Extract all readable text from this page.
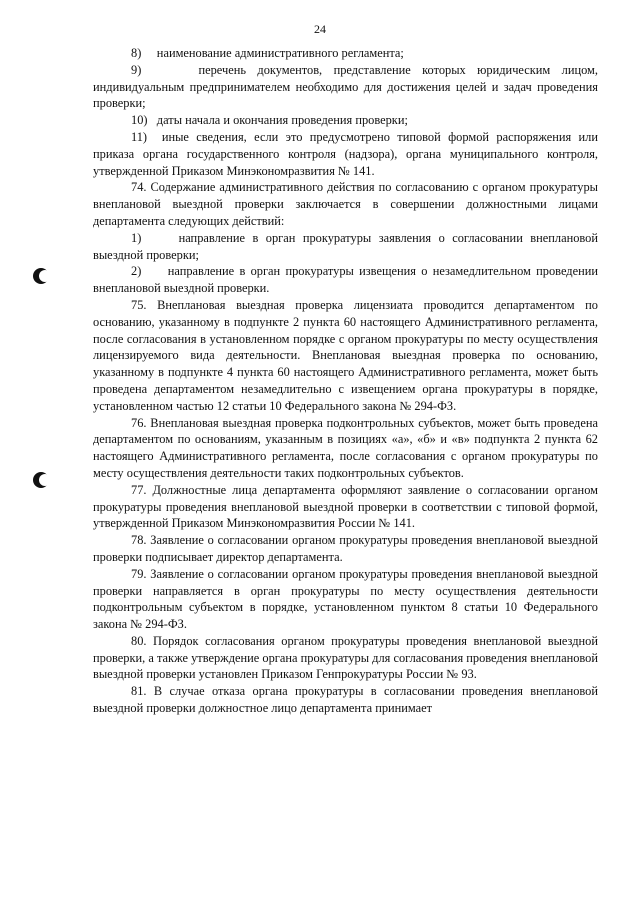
24

8)     наименование административного регламента;

9)     перечень документов, представление которых юридическим лицом, индивидуальным предпринимателем необходимо для достижения целей и задач проведения проверки;

10)   даты начала и окончания проведения проверки;

11)  иные сведения, если это предусмотрено типовой формой распоряжения или приказа органа государственного контроля (надзора), органа муниципального контроля, утвержденной Приказом Минэкономразвития № 141.

74. Содержание административного действия по согласованию с органом прокуратуры внеплановой выездной проверки заключается в совершении должностными лицами департамента следующих действий:

1)     направление в орган прокуратуры заявления о согласовании внеплановой выездной проверки;

2)     направление в орган прокуратуры извещения о незамедлительном проведении внеплановой выездной проверки.

75. Внеплановая выездная проверка лицензиата проводится департаментом по основанию, указанному в подпункте 2 пункта 60 настоящего Административного регламента, после согласования в установленном порядке с органом прокуратуры по месту осуществления лицензируемого вида деятельности. Внеплановая выездная проверка по основанию, указанному в подпункте 4 пункта 60 настоящего Административного регламента, может быть проведена департаментом незамедлительно с извещением органа прокуратуры в порядке, установленном частью 12 статьи 10 Федерального закона № 294-ФЗ.

76. Внеплановая выездная проверка подконтрольных субъектов, может быть проведена департаментом по основаниям, указанным в позициях «а», «б» и «в» подпункта 2 пункта 62 настоящего Административного регламента, после согласования с органом прокуратуры по месту осуществления деятельности таких подконтрольных субъектов.

77. Должностные лица департамента оформляют заявление о согласовании органом прокуратуры проведения внеплановой выездной проверки в соответствии с типовой формой, утвержденной Приказом Минэкономразвития России № 141.

78. Заявление о согласовании органом прокуратуры проведения внеплановой выездной проверки подписывает директор департамента.

79. Заявление о согласовании органом прокуратуры проведения внеплановой выездной проверки направляется в орган прокуратуры по месту осуществления деятельности подконтрольным субъектом в порядке, установленном пунктом 8 статьи 10 Федерального закона № 294-ФЗ.

80. Порядок согласования органом прокуратуры проведения внеплановой выездной проверки, а также утверждение органа прокуратуры для согласования проведения внеплановой выездной проверки установлен Приказом Генпрокуратуры России № 93.

81. В случае отказа органа прокуратуры в согласовании проведения внеплановой выездной проверки должностное лицо департамента принимает
